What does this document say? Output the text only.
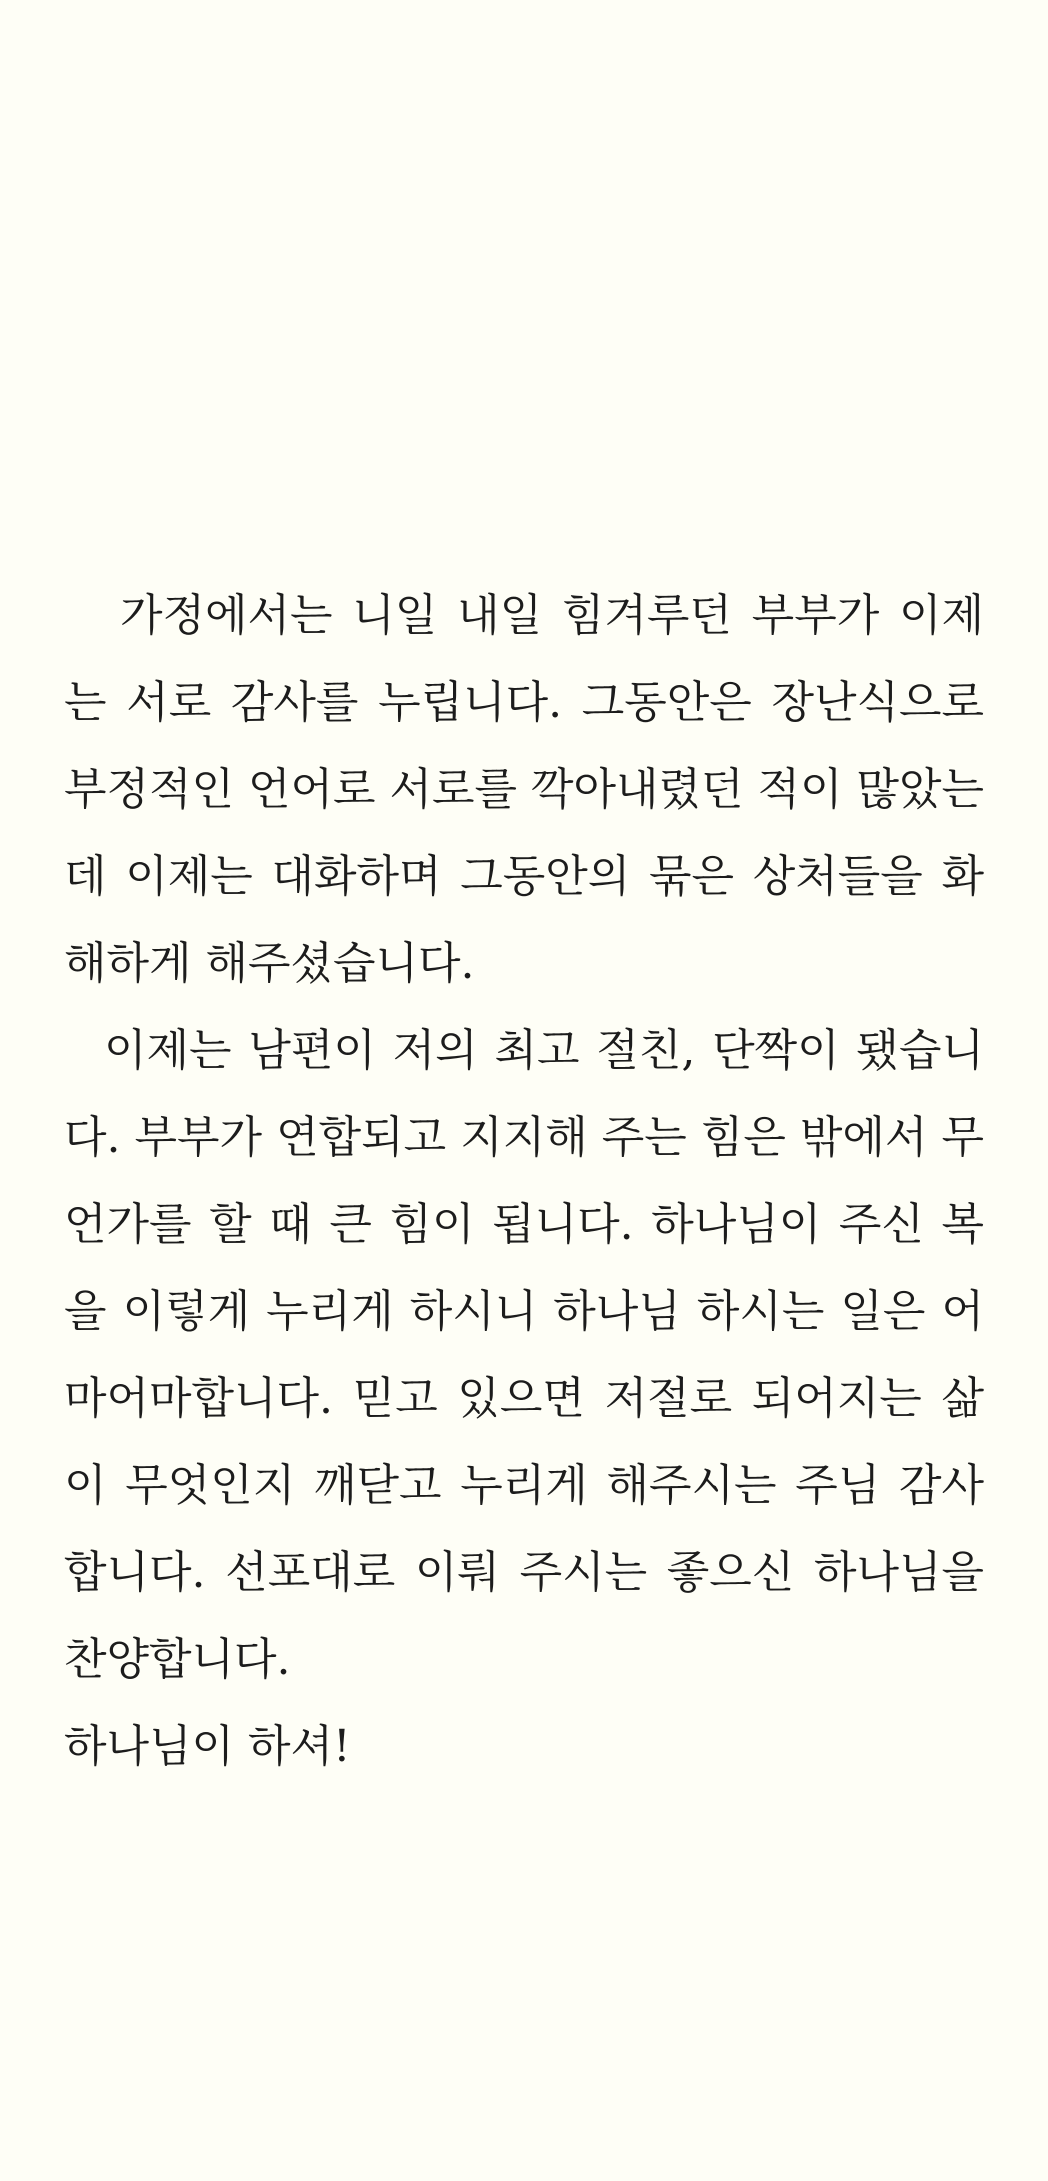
가정에서는 니일 내일 힘겨루던 부부가 이제는 서로 감사를 누립니다. 그동안은 장난식으로 부정적인 언어로 서로를 깍아내렸던 적이 많았는데 이제는 대화하며 그동안의 묶은 상처들을 화해하게 해주셨습니다.

이제는 남편이 저의 최고 절친, 단짝이 됐습니다. 부부가 연합되고 지지해 주는 힘은 밖에서 무언가를 할 때 큰 힘이 됩니다. 하나님이 주신 복을 이렇게 누리게 하시니 하나님 하시는 일은 어마어마합니다. 믿고 있으면 저절로 되어지는 삶이 무엇인지 깨닫고 누리게 해주시는 주님 감사합니다. 선포대로 이뤄 주시는 좋으신 하나님을 찬양합니다.

하나님이 하셔!
